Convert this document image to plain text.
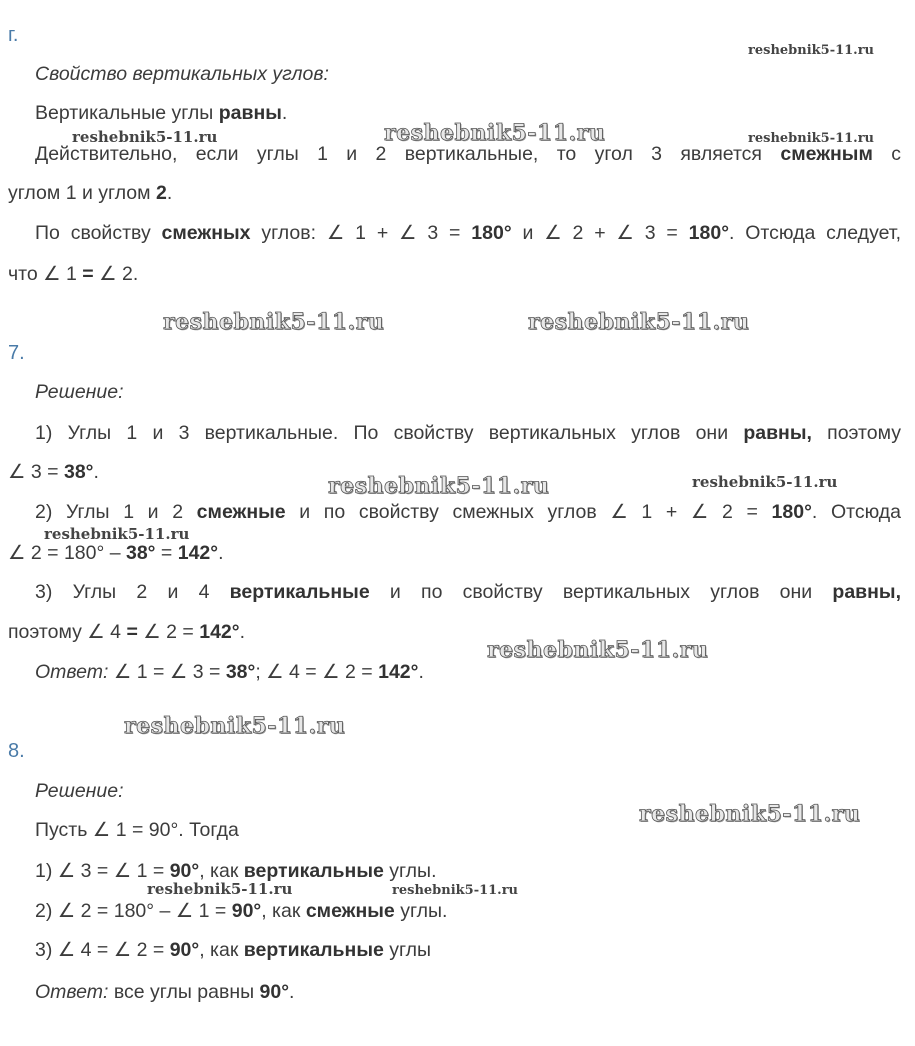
г.
Свойство вертикальных углов:
Вертикальные углы равны.
Действительно, если углы 1 и 2 вертикальные, то угол 3 является смежным с
углом 1 и углом 2.
По свойству смежных углов: ∠ 1 + ∠ 3 = 180° и ∠ 2 + ∠ 3 = 180°. Отсюда следует,
что ∠ 1 = ∠ 2.
7.
Решение:
1) Углы 1 и 3 вертикальные. По свойству вертикальных углов они равны, поэтому
∠ 3 = 38°.
2) Углы 1 и 2 смежные и по свойству смежных углов ∠ 1 + ∠ 2 = 180°. Отсюда
∠ 2 = 180° – 38° = 142°.
3) Углы 2 и 4 вертикальные и по свойству вертикальных углов они равны,
поэтому ∠ 4 = ∠ 2 = 142°.
Ответ: ∠ 1 = ∠ 3 = 38°; ∠ 4 = ∠ 2 = 142°.
8.
Решение:
Пусть ∠ 1 = 90°. Тогда
1) ∠ 3 = ∠ 1 = 90°, как вертикальные углы.
2) ∠ 2 = 180° – ∠ 1 = 90°, как смежные углы.
3) ∠ 4 = ∠ 2 = 90°, как вертикальные углы
Ответ: все углы равны 90°.
reshebnik5-11.ru
reshebnik5-11.ru	reshebnik5-11.ru	reshebnik5-11.ru
reshebnik5-11.ru	reshebnik5-11.ru
reshebnik5-11.ru	reshebnik5-11.ru
reshebnik5-11.ru
reshebnik5-11.ru
reshebnik5-11.ru
reshebnik5-11.ru
reshebnik5-11.ru	reshebnik5-11.ru
